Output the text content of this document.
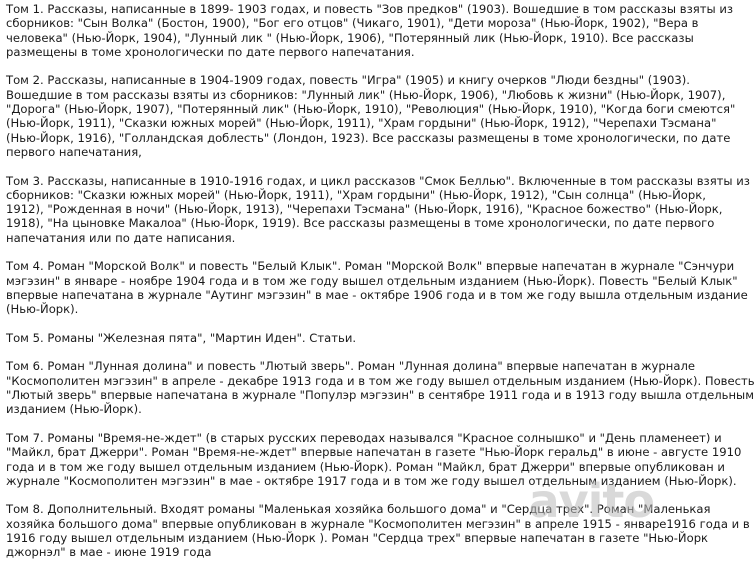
Том 1. Рассказы, написанные в 1899- 1903 годах, и повесть "Зов предков" (1903). Вошедшие в том рассказы взяты из
сборников: "Сын Волка" (Бостон, 1900), "Бог его отцов" (Чикаго, 1901), "Дети мороза" (Нью-Йорк, 1902), "Вера в
человека" (Нью-Йорк, 1904), "Лунный лик " (Нью-Йорк, 1906), "Потерянный лик (Нью-Йорк, 1910). Все рассказы
размещены в томе хронологически по дате первого напечатания.
Том 2. Рассказы, написанные в 1904-1909 годах, повесть "Игра" (1905) и книгу очерков "Люди бездны" (1903).
Вошедшие в том рассказы взяты из сборников: "Лунный лик" (Нью-Йорк, 1906), "Любовь к жизни" (Нью-Йорк, 1907),
"Дорога" (Нью-Йорк, 1907), "Потерянный лик" (Нью-Йорк, 1910), "Революция" (Нью-Йорк, 1910), "Когда боги смеются"
(Нью-Йорк, 1911), "Сказки южных морей" (Нью-Йорк, 1911), "Храм гордыни" (Нью-Йорк, 1912), "Черепахи Тэсмана"
(Нью-Йорк, 1916), "Голландская доблесть" (Лондон, 1923). Все рассказы размещены в томе хронологически, по дате
первого напечатания,
Том 3. Рассказы, написанные в 1910-1916 годах, и цикл рассказов "Смок Беллью". Включенные в том рассказы взяты из
сборников: "Сказки южных морей" (Нью-Йорк, 1911), "Храм гордыни" (Нью-Йорк, 1912), "Сын солнца" (Нью-Йорк,
1912), "Рожденная в ночи" (Нью-Йорк, 1913), "Черепахи Тэсмана" (Нью-Йорк, 1916), "Красное божество" (Нью-Йорк,
1918), "На цыновке Макалоа" (Нью-Йорк, 1919). Все рассказы размещены в томе хронологически, по дате первого
напечатания или по дате написания.
Том 4. Роман "Морской Волк" и повесть "Белый Клык". Роман "Морской Волк" впервые напечатан в журнале "Сэнчури
мэгэзин" в январе - ноябре 1904 года и в том же году вышел отдельным изданием (Нью-Йорк). Повесть "Белый Клык"
впервые напечатана в журнале "Аутинг мэгэзин" в мае - октябре 1906 года и в том же году вышла отдельным издание
(Нью-Йорк).
Том 5. Романы "Железная пята", "Мартин Иден". Статьи.
Том 6. Роман "Лунная долина" и повесть "Лютый зверь". Роман "Лунная долина" впервые напечатан в журнале
"Космополитен мэгэзин" в апреле - декабре 1913 года и в том же году вышел отдельным изданием (Нью-Йорк). Повесть
"Лютый зверь" впервые напечатана в журнале "Популэр мэгэзин" в сентябре 1911 года и в 1913 году вышла отдельным
изданием (Нью-Йорк).
Том 7. Романы "Время-не-ждет" (в старых русских переводах назывался "Красное солнышко" и "День пламенеет) и
"Майкл, брат Джерри". Роман "Время-не-ждет" впервые напечатан в газете "Нью-Йорк геральд" в июне - августе 1910
года и в том же году вышел отдельным изданием (Нью-Йорк). Роман "Майкл, брат Джерри" впервые опубликован и
журнале "Космополитен мэгэзин" в мае - октябре 1917 года и в том же году вышел отдельным изданием (Нью-Йорк).
Том 8. Дополнительный. Входят романы "Маленькая хозяйка большого дома" и "Сердца трех". Роман "Маленькая
хозяйка большого дома" впервые опубликован в журнале "Космополитен мегэзин" в апреле 1915 - январе1916 года и в
1916 году вышел отдельным изданием (Нью-Йорк ). Роман "Сердца трех" впервые напечатан в газете "Нью-Йорк
джорнэл" в мае - июне 1919 года
avito
